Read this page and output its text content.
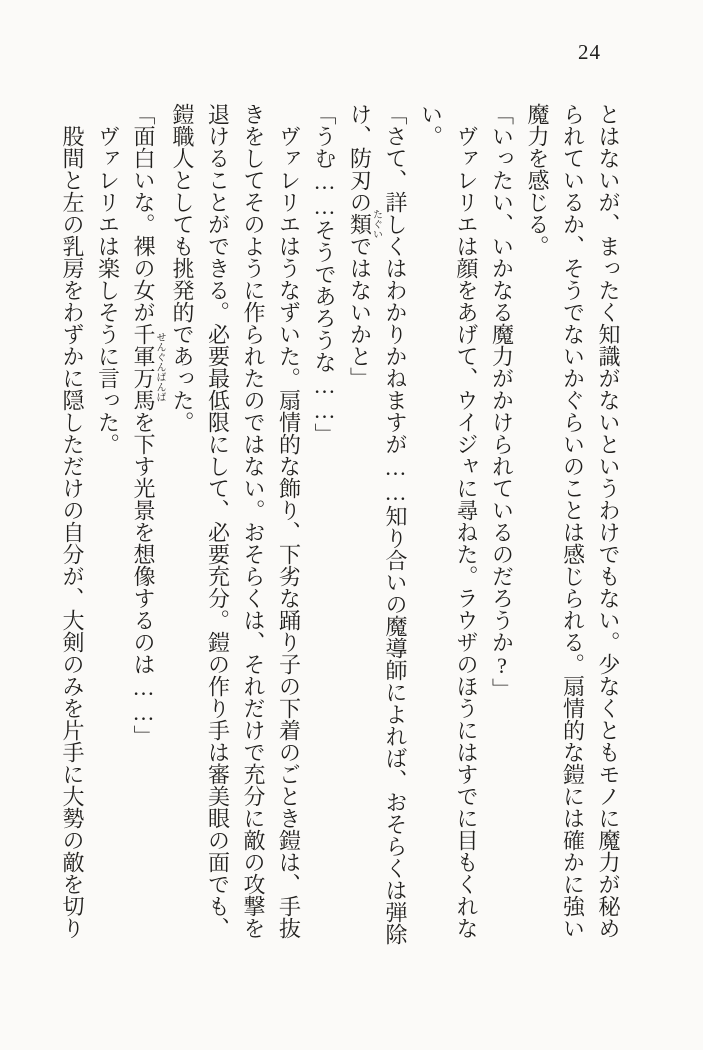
24

とはないが、まったく知識がないというわけでもない。少なくともモノに魔力が秘められているか、そうでないかぐらいのことは感じられる。扇情的な鎧には確かに強い魔力を感じる。

「いったい、いかなる魔力がかけられているのだろうか?」

ヴァレリエは顔をあげて、ウイジャに尋ねた。ラウザのほうにはすでに目もくれない。

「さて、詳しくはわかりかねますが……知り合いの魔導師によれば、おそらくは弾除け、防刃の類たぐいではないかと」

「うむ……そうであろうな……」

ヴァレリエはうなずいた。扇情的な飾り、下劣な踊り子の下着のごとき鎧は、手抜きをしてそのように作られたのではない。おそらくは、それだけで充分に敵の攻撃を退けることができる。必要最低限にして、必要充分。鎧の作り手は審美眼の面でも、鎧職人としても挑発的であった。

「面白いな。裸の女が千軍万馬せんぐんばんばを下す光景を想像するのは……」

ヴァレリエは楽しそうに言った。

股間と左の乳房をわずかに隠しただけの自分が、大剣のみを片手に大勢の敵を切り
